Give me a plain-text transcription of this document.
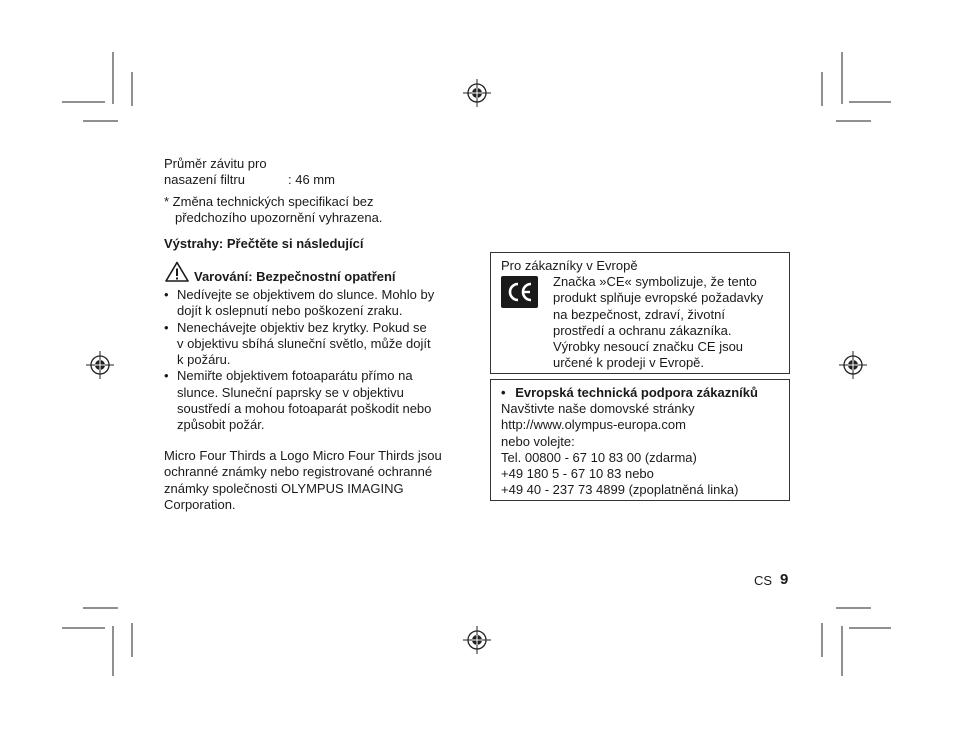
Průměr závitu pro
nasazení filtru	: 46 mm
* Změna technických specifikací bez
předchozího upozornění vyhrazena.
Výstrahy: Přečtěte si následující
Varování: Bezpečnostní opatření
• Nedívejte se objektivem do slunce. Mohlo by
dojít k oslepnutí nebo poškození zraku.
• Nenechávejte objektiv bez krytky. Pokud se
v objektivu sbíhá sluneční světlo, může dojít
k požáru.
• Nemiřte objektivem fotoaparátu přímo na
slunce. Sluneční paprsky se v objektivu
soustředí a mohou fotoaparát poškodit nebo
způsobit požár.
Micro Four Thirds a Logo Micro Four Thirds jsou
ochranné známky nebo registrované ochranné
známky společnosti OLYMPUS IMAGING
Corporation.
Pro zákazníky v Evropě
Značka »CE« symbolizuje, že tento
produkt splňuje evropské požadavky
na bezpečnost, zdraví, životní
prostředí a ochranu zákazníka.
Výrobky nesoucí značku CE jsou
určené k prodeji v Evropě.
• Evropská technická podpora zákazníků
Navštivte naše domovské stránky
http://www.olympus-europa.com
nebo volejte:
Tel. 00800 - 67 10 83 00 (zdarma)
+49 180 5 - 67 10 83 nebo
+49 40 - 237 73 4899 (zpoplatněná linka)
CS 9
